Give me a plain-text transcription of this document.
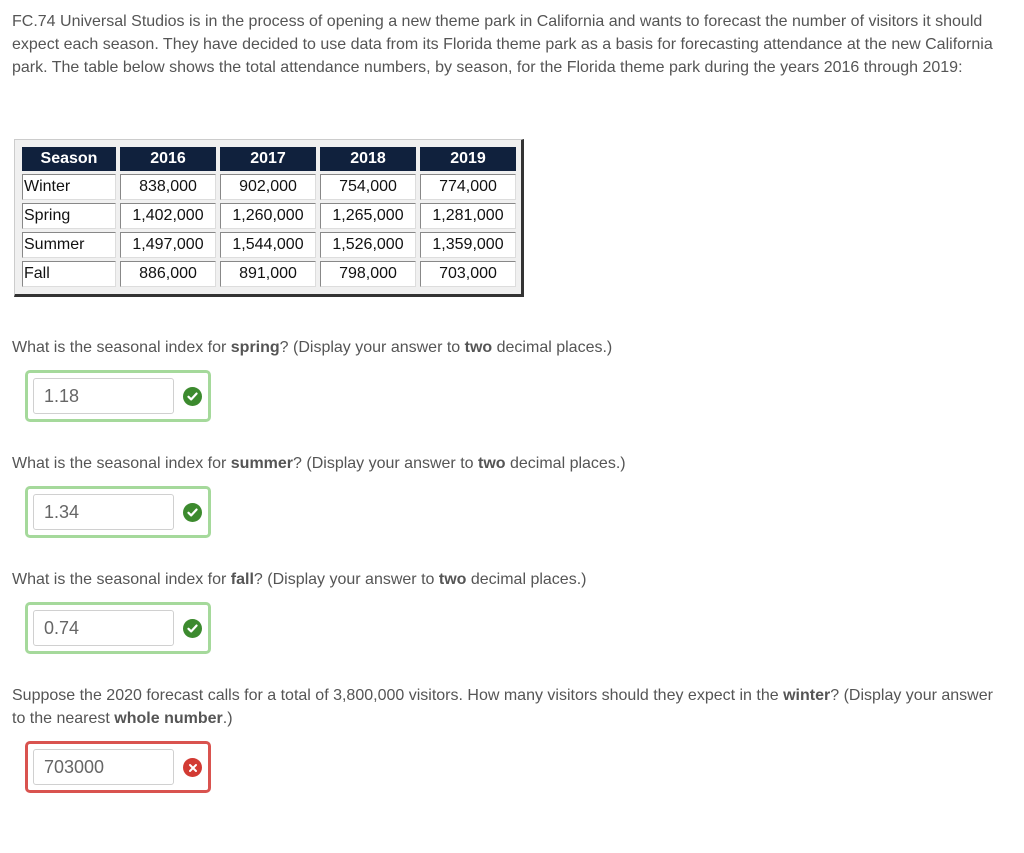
FC.74 Universal Studios is in the process of opening a new theme park in California and wants to forecast the number of visitors it should expect each season. They have decided to use data from its Florida theme park as a basis for forecasting attendance at the new California park. The table below shows the total attendance numbers, by season, for the Florida theme park during the years 2016 through 2019:

Season	2016	2017	2018	2019
Winter	838,000	902,000	754,000	774,000
Spring	1,402,000	1,260,000	1,265,000	1,281,000
Summer	1,497,000	1,544,000	1,526,000	1,359,000
Fall	886,000	891,000	798,000	703,000

What is the seasonal index for spring? (Display your answer to two decimal places.)

1.18

What is the seasonal index for summer? (Display your answer to two decimal places.)

1.34

What is the seasonal index for fall? (Display your answer to two decimal places.)

0.74

Suppose the 2020 forecast calls for a total of 3,800,000 visitors. How many visitors should they expect in the winter? (Display your answer to the nearest whole number.)

703000
